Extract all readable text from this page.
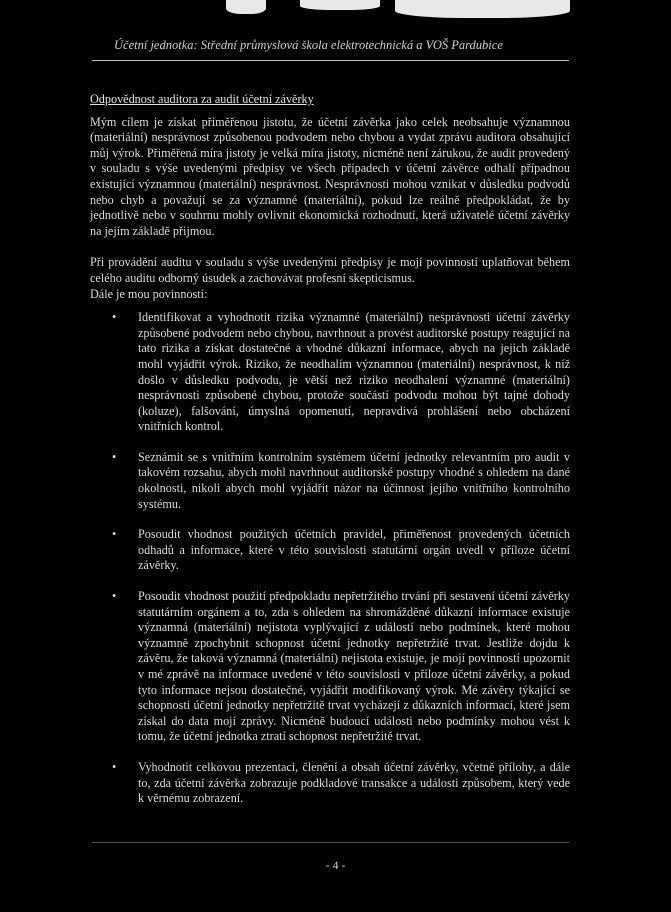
Účetní jednotka: Střední průmyslová škola elektrotechnická a VOŠ Pardubice
Odpovědnost auditora za audit účetní závěrky

Mým cílem je získat přiměřenou jistotu, že účetní závěrka jako celek neobsahuje významnou (materiální) nesprávnost způsobenou podvodem nebo chybou a vydat zprávu auditora obsahující můj výrok. Přiměřená míra jistoty je velká míra jistoty, nicméně není zárukou, že audit provedený v souladu s výše uvedenými předpisy ve všech případech v účetní závěrce odhalí případnou existující významnou (materiální) nesprávnost. Nesprávnosti mohou vznikat v důsledku podvodů nebo chyb a považují se za významné (materiální), pokud lze reálně předpokládat, že by jednotlivě nebo v souhrnu mohly ovlivnit ekonomická rozhodnutí, která uživatelé účetní závěrky na jejím základě přijmou.

Při provádění auditu v souladu s výše uvedenými předpisy je mojí povinností uplatňovat během celého auditu odborný úsudek a zachovávat profesní skepticismus.

Dále je mou povinností:

• Identifikovat a vyhodnotit rizika významné (materiální) nesprávnosti účetní závěrky způsobené podvodem nebo chybou, navrhnout a provést auditorské postupy reagující na tato rizika a získat dostatečné a vhodné důkazní informace, abych na jejich základě mohl vyjádřit výrok. Riziko, že neodhalím významnou (materiální) nesprávnost, k níž došlo v důsledku podvodu, je větší než riziko neodhalení významné (materiální) nesprávnosti způsobené chybou, protože součástí podvodu mohou být tajné dohody (koluze), falšování, úmyslná opomenutí, nepravdivá prohlášení nebo obcházení vnitřních kontrol.
• Seznámit se s vnitřním kontrolním systémem účetní jednotky relevantním pro audit v takovém rozsahu, abych mohl navrhnout auditorské postupy vhodné s ohledem na dané okolnosti, nikoli abych mohl vyjádřit názor na účinnost jejího vnitřního kontrolního systému.
• Posoudit vhodnost použitých účetních pravidel, přiměřenost provedených účetních odhadů a informace, které v této souvislosti statutární orgán uvedl v příloze účetní závěrky.
• Posoudit vhodnost použití předpokladu nepřetržitého trvání při sestavení účetní závěrky statutárním orgánem a to, zda s ohledem na shromážděné důkazní informace existuje významná (materiální) nejistota vyplývající z událostí nebo podmínek, které mohou významně zpochybnit schopnost účetní jednotky nepřetržitě trvat. Jestliže dojdu k závěru, že taková významná (materiální) nejistota existuje, je mojí povinností upozornit v mé zprávě na informace uvedené v této souvislosti v příloze účetní závěrky, a pokud tyto informace nejsou dostatečné, vyjádřit modifikovaný výrok. Mé závěry týkající se schopnosti účetní jednotky nepřetržitě trvat vycházejí z důkazních informací, které jsem získal do data mojí zprávy. Nicméně budoucí události nebo podmínky mohou vést k tomu, že účetní jednotka ztratí schopnost nepřetržitě trvat.
• Vyhodnotit celkovou prezentaci, členění a obsah účetní závěrky, včetně přílohy, a dále to, zda účetní závěrka zobrazuje podkladové transakce a události způsobem, který vede k věrnému zobrazení.
- 4 -
